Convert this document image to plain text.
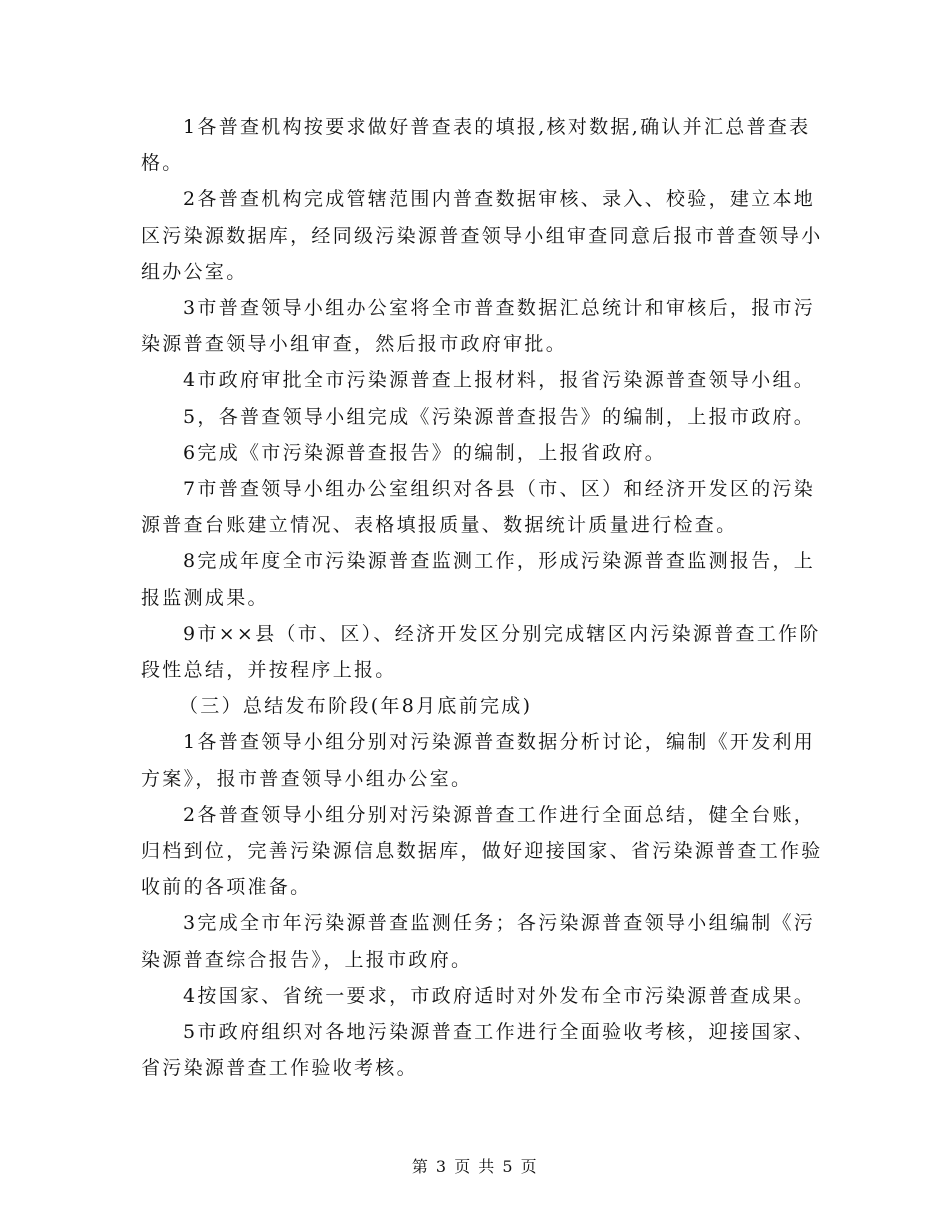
1各普查机构按要求做好普查表的填报,核对数据,确认并汇总普查表格。

2各普查机构完成管辖范围内普查数据审核、录入、校验，建立本地区污染源数据库，经同级污染源普查领导小组审查同意后报市普查领导小组办公室。

3市普查领导小组办公室将全市普查数据汇总统计和审核后，报市污染源普查领导小组审查，然后报市政府审批。

4市政府审批全市污染源普查上报材料，报省污染源普查领导小组。

5，各普查领导小组完成《污染源普查报告》的编制，上报市政府。

6完成《市污染源普查报告》的编制，上报省政府。

7市普查领导小组办公室组织对各县（市、区）和经济开发区的污染源普查台账建立情况、表格填报质量、数据统计质量进行检查。

8完成年度全市污染源普查监测工作，形成污染源普查监测报告，上报监测成果。

9市××县（市、区）、经济开发区分别完成辖区内污染源普查工作阶段性总结，并按程序上报。

（三）总结发布阶段(年8月底前完成)

1各普查领导小组分别对污染源普查数据分析讨论，编制《开发利用方案》，报市普查领导小组办公室。

2各普查领导小组分别对污染源普查工作进行全面总结，健全台账，归档到位，完善污染源信息数据库，做好迎接国家、省污染源普查工作验收前的各项准备。

3完成全市年污染源普查监测任务；各污染源普查领导小组编制《污染源普查综合报告》，上报市政府。

4按国家、省统一要求，市政府适时对外发布全市污染源普查成果。

5市政府组织对各地污染源普查工作进行全面验收考核，迎接国家、省污染源普查工作验收考核。

第 3 页 共 5 页
